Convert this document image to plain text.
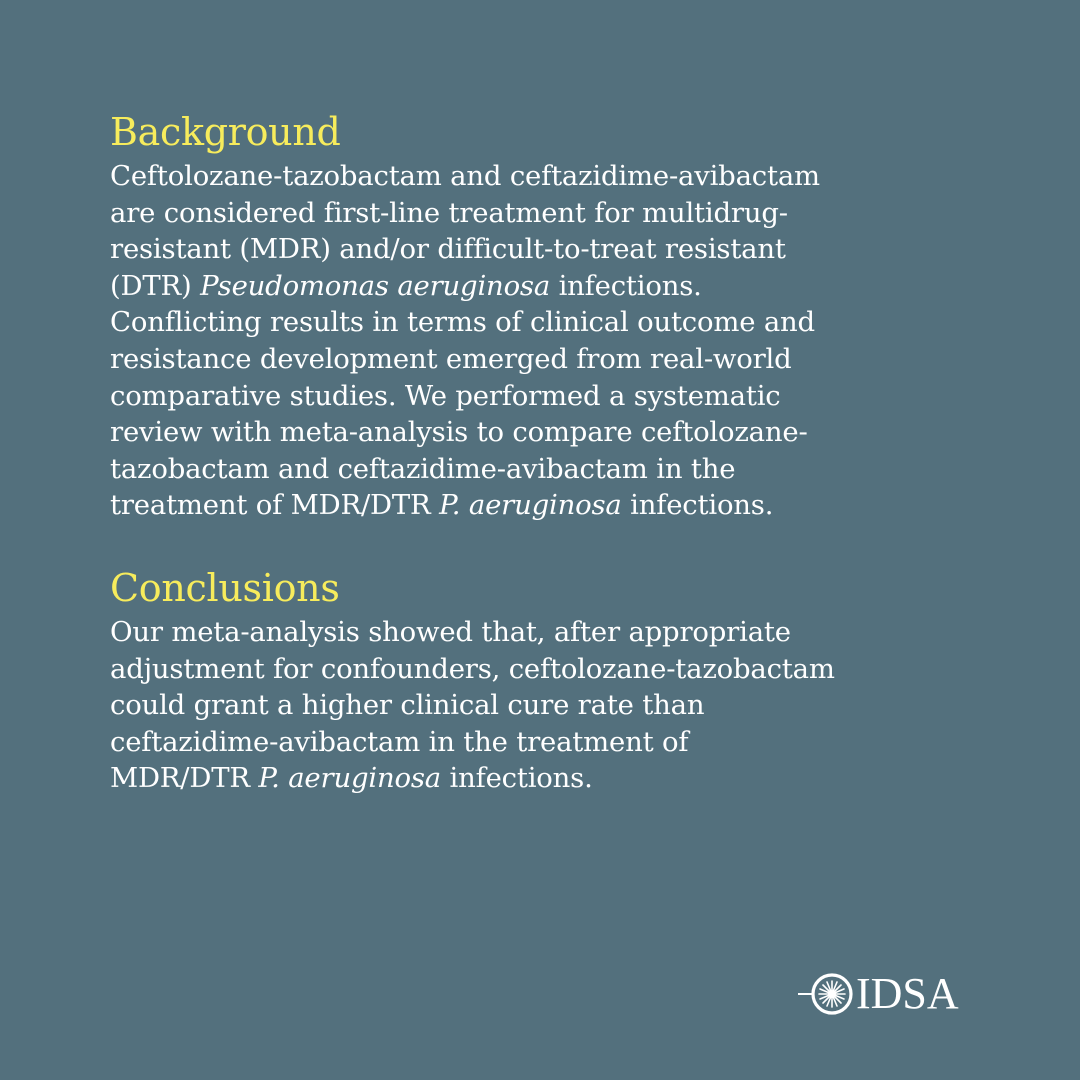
Background

Ceftolozane-tazobactam and ceftazidime-avibactam
are considered first-line treatment for multidrug-
resistant (MDR) and/or difficult-to-treat resistant
(DTR) Pseudomonas aeruginosa infections.
Conflicting results in terms of clinical outcome and
resistance development emerged from real-world
comparative studies. We performed a systematic
review with meta-analysis to compare ceftolozane-
tazobactam and ceftazidime-avibactam in the
treatment of MDR/DTR P. aeruginosa infections.

Conclusions

Our meta-analysis showed that, after appropriate
adjustment for confounders, ceftolozane-tazobactam
could grant a higher clinical cure rate than
ceftazidime-avibactam in the treatment of
MDR/DTR P. aeruginosa infections.

IDSA
